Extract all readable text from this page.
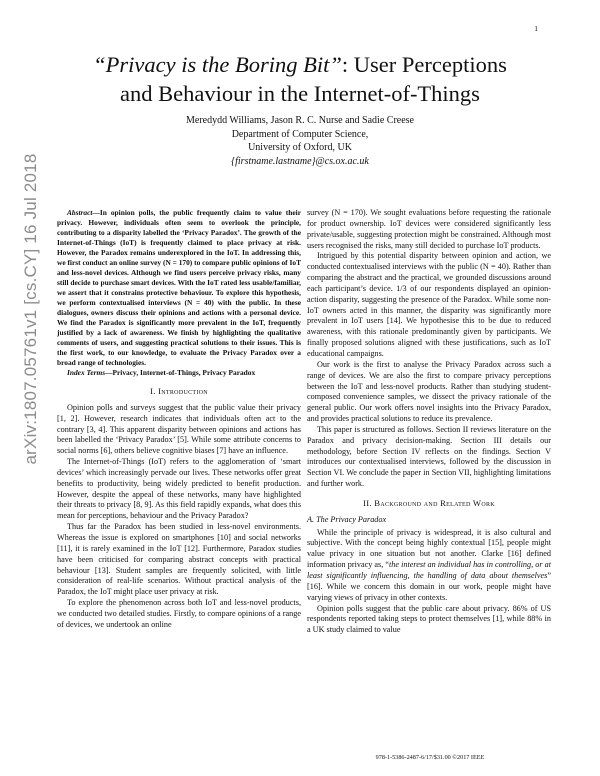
1
arXiv:1807.05761v1 [cs.CY] 16 Jul 2018
“Privacy is the Boring Bit”: User Perceptions
and Behaviour in the Internet-of-Things
Meredydd Williams, Jason R. C. Nurse and Sadie Creese
Department of Computer Science,
University of Oxford, UK
{firstname.lastname}@cs.ox.ac.uk

Abstract—In opinion polls, the public frequently claim to value their privacy. However, individuals often seem to overlook the principle, contributing to a disparity labelled the ‘Privacy Paradox’. The growth of the Internet-of-Things (IoT) is frequently claimed to place privacy at risk. However, the Paradox remains underexplored in the IoT. In addressing this, we first conduct an online survey (N = 170) to compare public opinions of IoT and less-novel devices. Although we find users perceive privacy risks, many still decide to purchase smart devices. With the IoT rated less usable/familiar, we assert that it constrains protective behaviour. To explore this hypothesis, we perform contextualised interviews (N = 40) with the public. In these dialogues, owners discuss their opinions and actions with a personal device. We find the Paradox is significantly more prevalent in the IoT, frequently justified by a lack of awareness. We finish by highlighting the qualitative comments of users, and suggesting practical solutions to their issues. This is the first work, to our knowledge, to evaluate the Privacy Paradox over a broad range of technologies.

Index Terms—Privacy, Internet-of-Things, Privacy Paradox

I. Introduction

Opinion polls and surveys suggest that the public value their privacy [1, 2]. However, research indicates that individuals often act to the contrary [3, 4]. This apparent disparity between opinions and actions has been labelled the ‘Privacy Paradox’ [5]. While some attribute concerns to social norms [6], others believe cognitive biases [7] have an influence.

The Internet-of-Things (IoT) refers to the agglomeration of ‘smart devices’ which increasingly pervade our lives. These networks offer great benefits to productivity, being widely predicted to benefit production. However, despite the appeal of these networks, many have highlighted their threats to privacy [8, 9]. As this field rapidly expands, what does this mean for perceptions, behaviour and the Privacy Paradox?

Thus far the Paradox has been studied in less-novel environments. Whereas the issue is explored on smartphones [10] and social networks [11], it is rarely examined in the IoT [12]. Furthermore, Paradox studies have been criticised for comparing abstract concepts with practical behaviour [13]. Student samples are frequently solicited, with little consideration of real-life scenarios. Without practical analysis of the Paradox, the IoT might place user privacy at risk.

To explore the phenomenon across both IoT and less-novel products, we conducted two detailed studies. Firstly, to compare opinions of a range of devices, we undertook an online

survey (N = 170). We sought evaluations before requesting the rationale for product ownership. IoT devices were considered significantly less private/usable, suggesting protection might be constrained. Although most users recognised the risks, many still decided to purchase IoT products.

Intrigued by this potential disparity between opinion and action, we conducted contextualised interviews with the public (N = 40). Rather than comparing the abstract and the practical, we grounded discussions around each participant’s device. 1/3 of our respondents displayed an opinion-action disparity, suggesting the presence of the Paradox. While some non-IoT owners acted in this manner, the disparity was significantly more prevalent in IoT users [14]. We hypothesise this to be due to reduced awareness, with this rationale predominantly given by participants. We finally proposed solutions aligned with these justifications, such as IoT educational campaigns.

Our work is the first to analyse the Privacy Paradox across such a range of devices. We are also the first to compare privacy perceptions between the IoT and less-novel products. Rather than studying student-composed convenience samples, we dissect the privacy rationale of the general public. Our work offers novel insights into the Privacy Paradox, and provides practical solutions to reduce its prevalence.

This paper is structured as follows. Section II reviews literature on the Paradox and privacy decision-making. Section III details our methodology, before Section IV reflects on the findings. Section V introduces our contextualised interviews, followed by the discussion in Section VI. We conclude the paper in Section VII, highlighting limitations and further work.

II. Background and Related Work
A. The Privacy Paradox

While the principle of privacy is widespread, it is also cultural and subjective. With the concept being highly contextual [15], people might value privacy in one situation but not another. Clarke [16] defined information privacy as, “the interest an individual has in controlling, or at least significantly influencing, the handling of data about themselves” [16]. While we concern this domain in our work, people might have varying views of privacy in other contexts.

Opinion polls suggest that the public care about privacy. 86% of US respondents reported taking steps to protect themselves [1], while 88% in a UK study claimed to value

978-1-5386-2487-6/17/$31.00 ©2017 IEEE
